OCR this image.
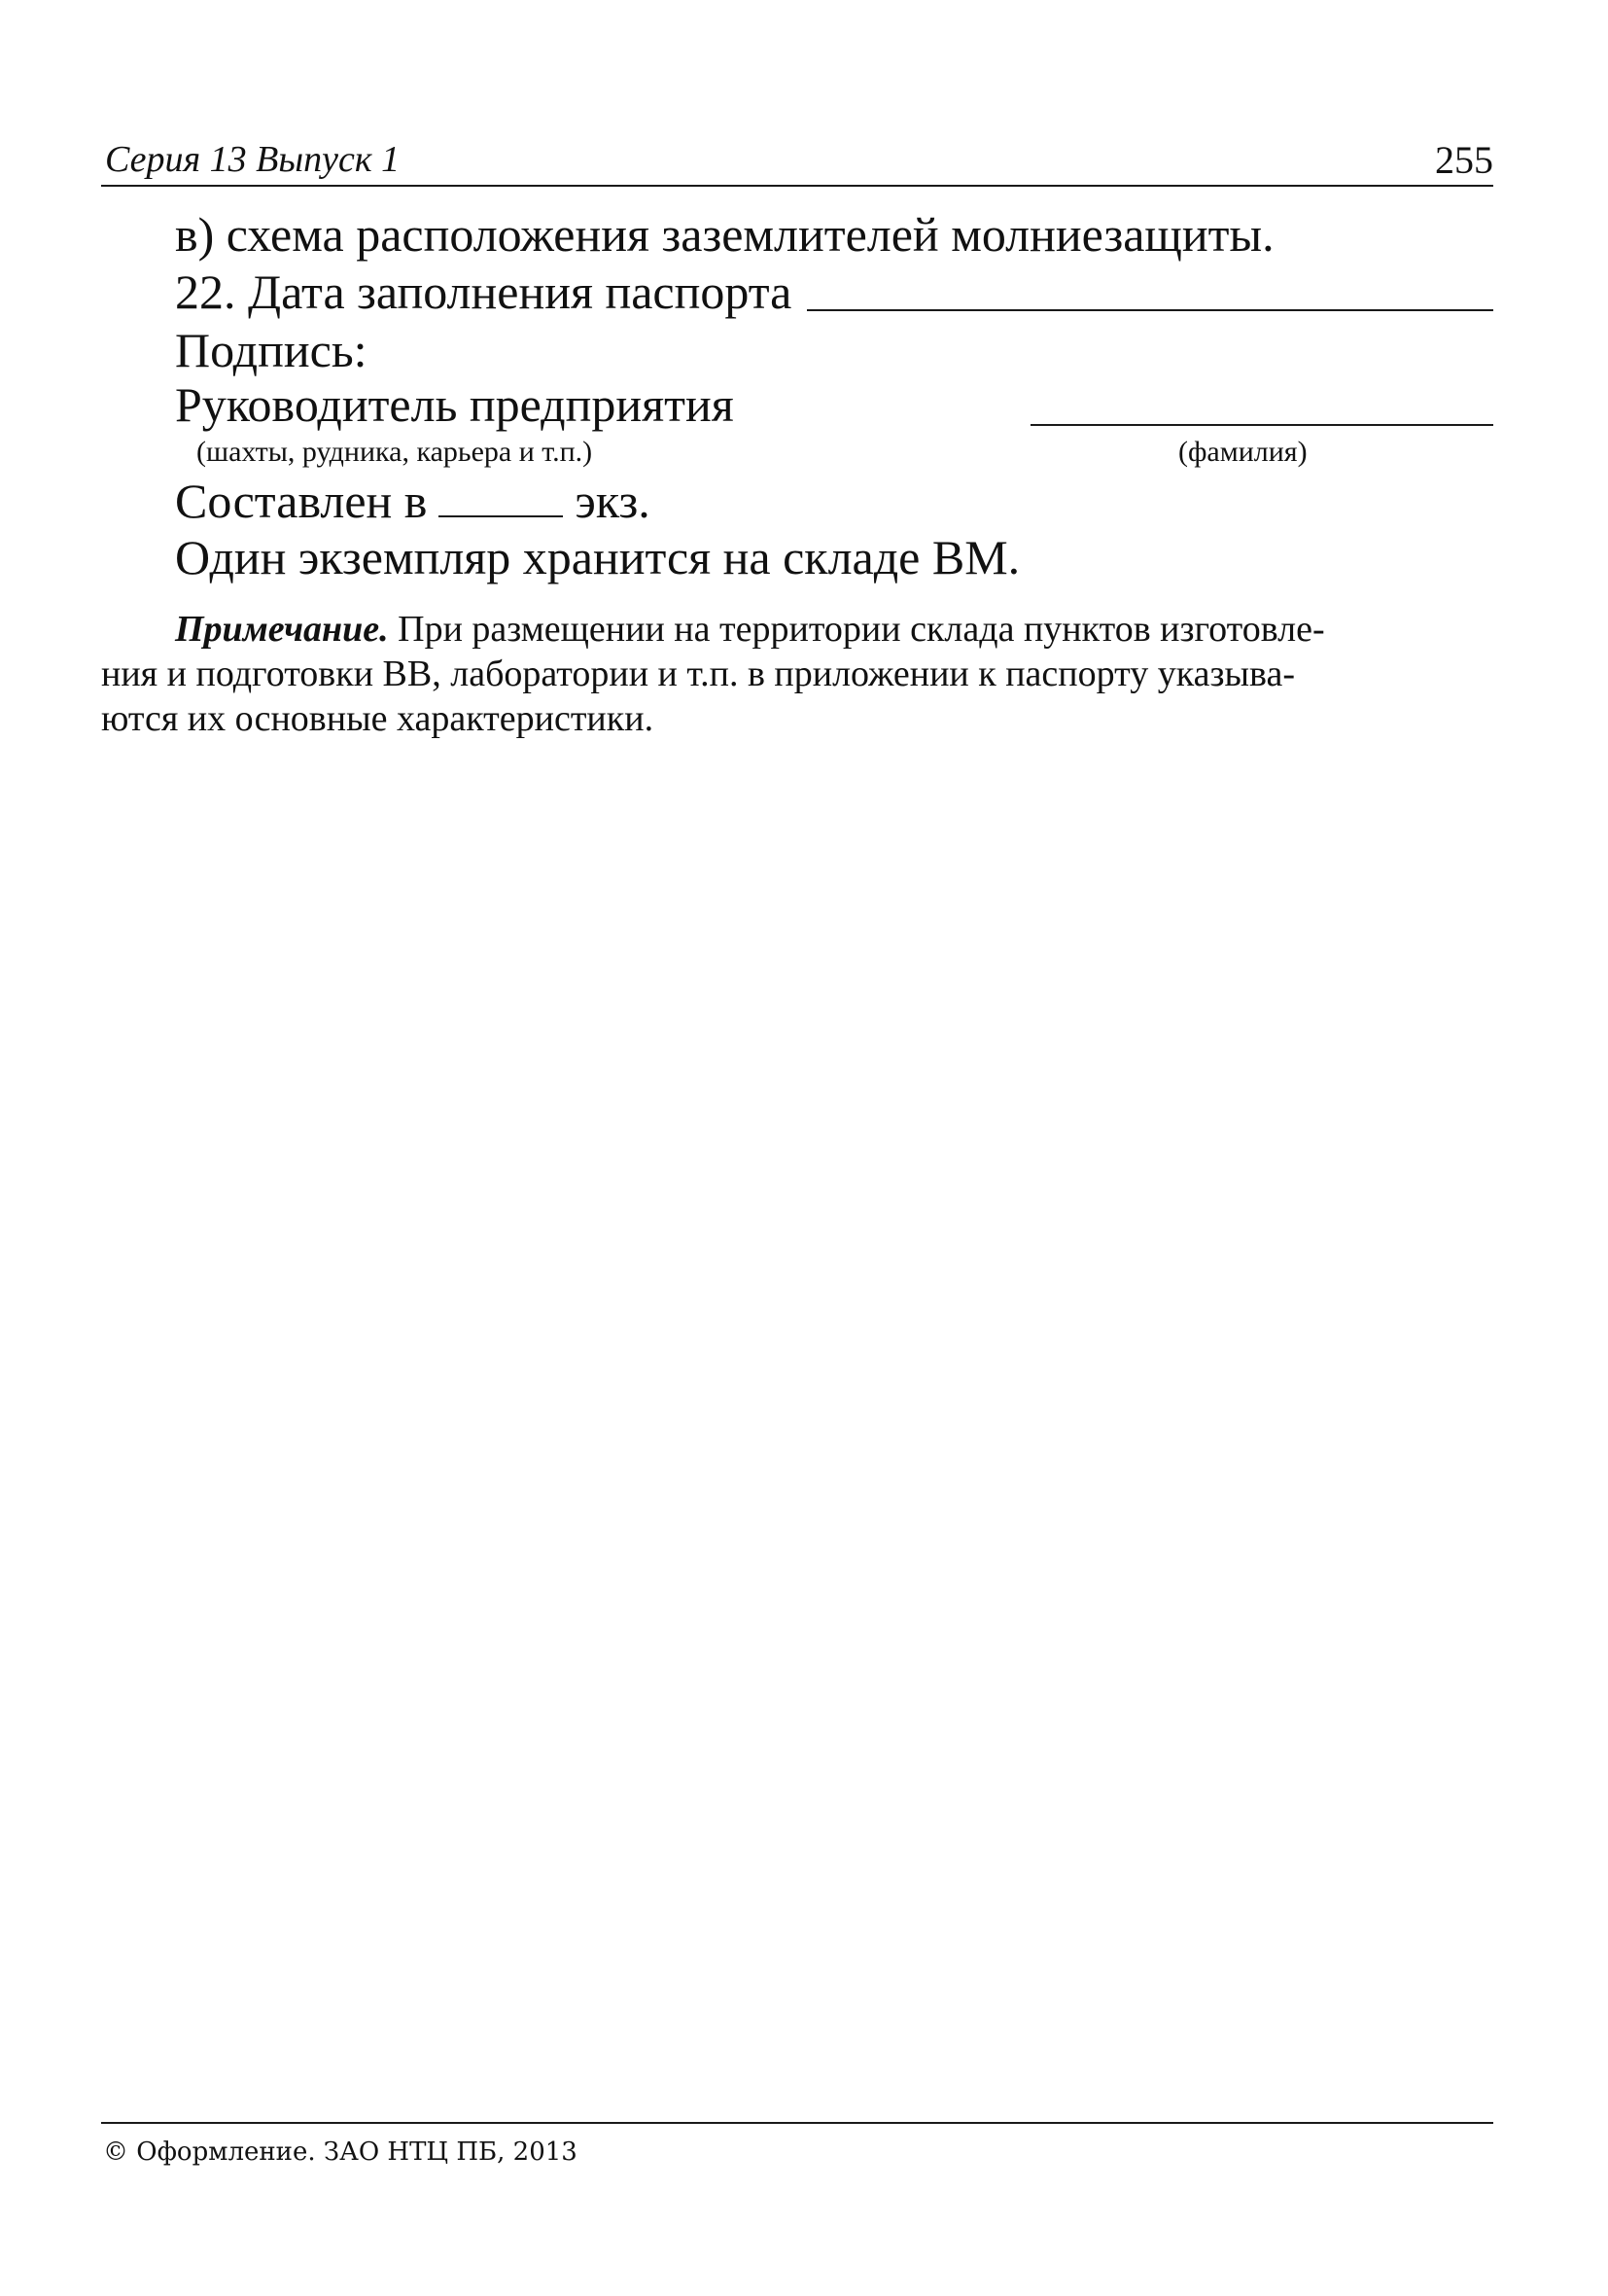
Серия 13 Выпуск 1	255
в) схема расположения заземлителей молниезащиты.
22. Дата заполнения паспорта
Подпись:
Руководитель предприятия
(шахты, рудника, карьера и т.п.)	(фамилия)
Составлен в	экз.
Один экземпляр хранится на складе ВМ.
Примечание. При размещении на территории склада пунктов изготовле-
ния и подготовки ВВ, лаборатории и т.п. в приложении к паспорту указыва-
ются их основные характеристики.
© Оформление. ЗАО НТЦ ПБ, 2013
